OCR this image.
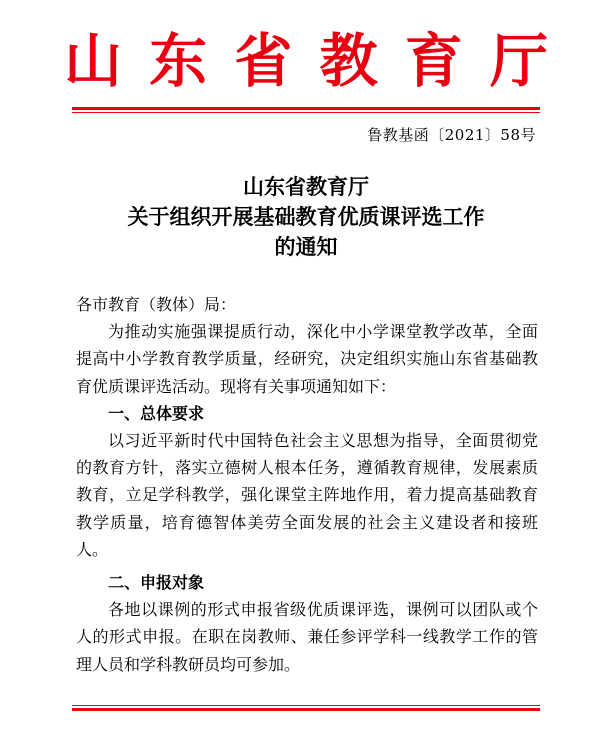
山 东 省 教 育 厅
鲁教基函〔2021〕58号
山东省教育厅
关于组织开展基础教育优质课评选工作
的通知

各市教育（教体）局：

为推动实施强课提质行动，深化中小学课堂教学改革，全面提高中小学教育教学质量，经研究，决定组织实施山东省基础教育优质课评选活动。现将有关事项通知如下：

一、总体要求

以习近平新时代中国特色社会主义思想为指导，全面贯彻党的教育方针，落实立德树人根本任务，遵循教育规律，发展素质教育，立足学科教学，强化课堂主阵地作用，着力提高基础教育教学质量，培育德智体美劳全面发展的社会主义建设者和接班人。

二、申报对象

各地以课例的形式申报省级优质课评选，课例可以团队或个人的形式申报。在职在岗教师、兼任参评学科一线教学工作的管理人员和学科教研员均可参加。
